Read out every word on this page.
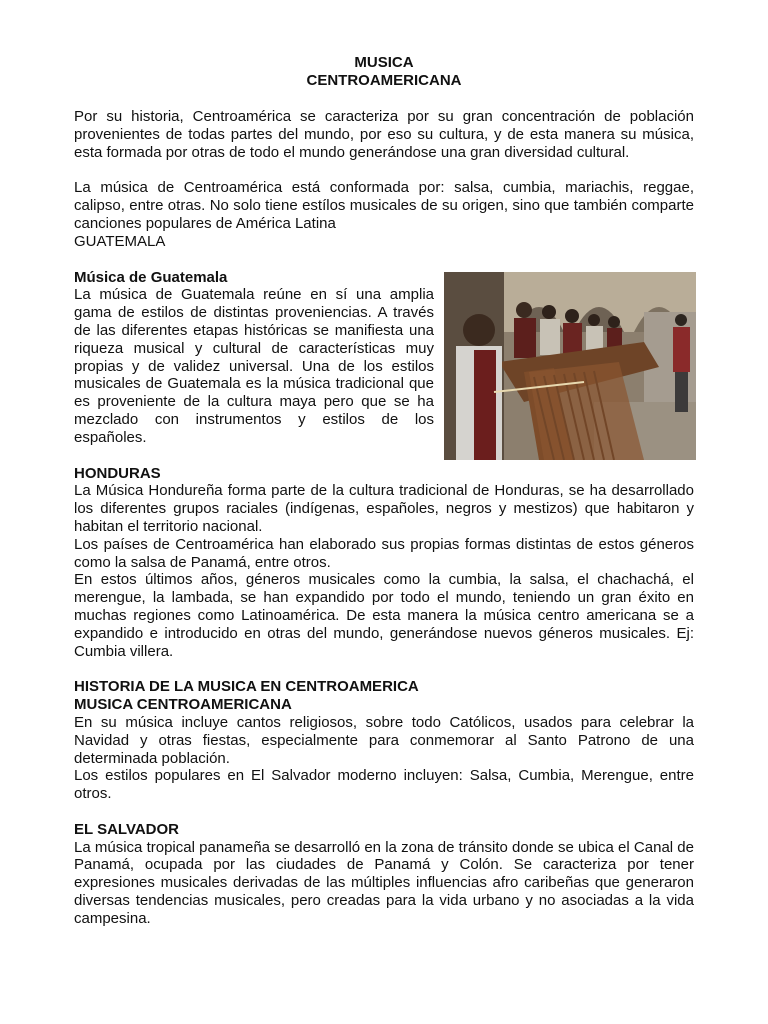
MUSICA

CENTROAMERICANA

Por su historia, Centroamérica se caracteriza por su gran concentración de población provenientes de todas partes del mundo, por eso su cultura, y de esta manera su música, esta formada por otras de todo el mundo generándose una gran diversidad cultural.

La música de Centroamérica está conformada por: salsa, cumbia, mariachis, reggae, calipso, entre otras. No solo tiene estílos musicales de su origen, sino que también comparte canciones populares de América Latina

GUATEMALA

Música de Guatemala

La música de Guatemala reúne en sí una amplia gama de estilos de distintas proveniencias. A través de las diferentes etapas históricas se manifiesta una riqueza musical y cultural de características muy propias y de validez universal. Una de los estilos musicales de Guatemala es la música tradicional que es proveniente de la cultura maya pero que se ha mezclado con instrumentos y estilos de los españoles.

HONDURAS

La Música Hondureña forma parte de la cultura tradicional de Honduras, se ha desarrollado los diferentes grupos raciales (indígenas, españoles, negros y mestizos) que habitaron y habitan el territorio nacional.

Los países de Centroamérica han elaborado sus propias formas distintas de estos géneros como la salsa de Panamá, entre otros.

En estos últimos años, géneros musicales como la cumbia, la salsa, el chachachá, el merengue, la lambada, se han expandido por todo el mundo, teniendo un gran éxito en muchas regiones como Latinoamérica. De esta manera la música centro americana se a expandido e introducido en otras del mundo, generándose nuevos géneros musicales. Ej: Cumbia villera.

HISTORIA DE LA MUSICA EN CENTROAMERICA

MUSICA CENTROAMERICANA

En su música incluye cantos religiosos, sobre todo Católicos, usados para celebrar la Navidad y otras fiestas, especialmente para conmemorar al Santo Patrono de una determinada población.

Los estilos populares en El Salvador moderno incluyen: Salsa, Cumbia, Merengue, entre otros.

EL SALVADOR

La música tropical panameña se desarrolló en la zona de tránsito donde se ubica el Canal de Panamá, ocupada por las ciudades de Panamá y Colón. Se caracteriza por tener expresiones musicales derivadas de las múltiples influencias afro caribeñas que generaron diversas tendencias musicales, pero creadas para la vida urbano y no asociadas a la vida campesina.
